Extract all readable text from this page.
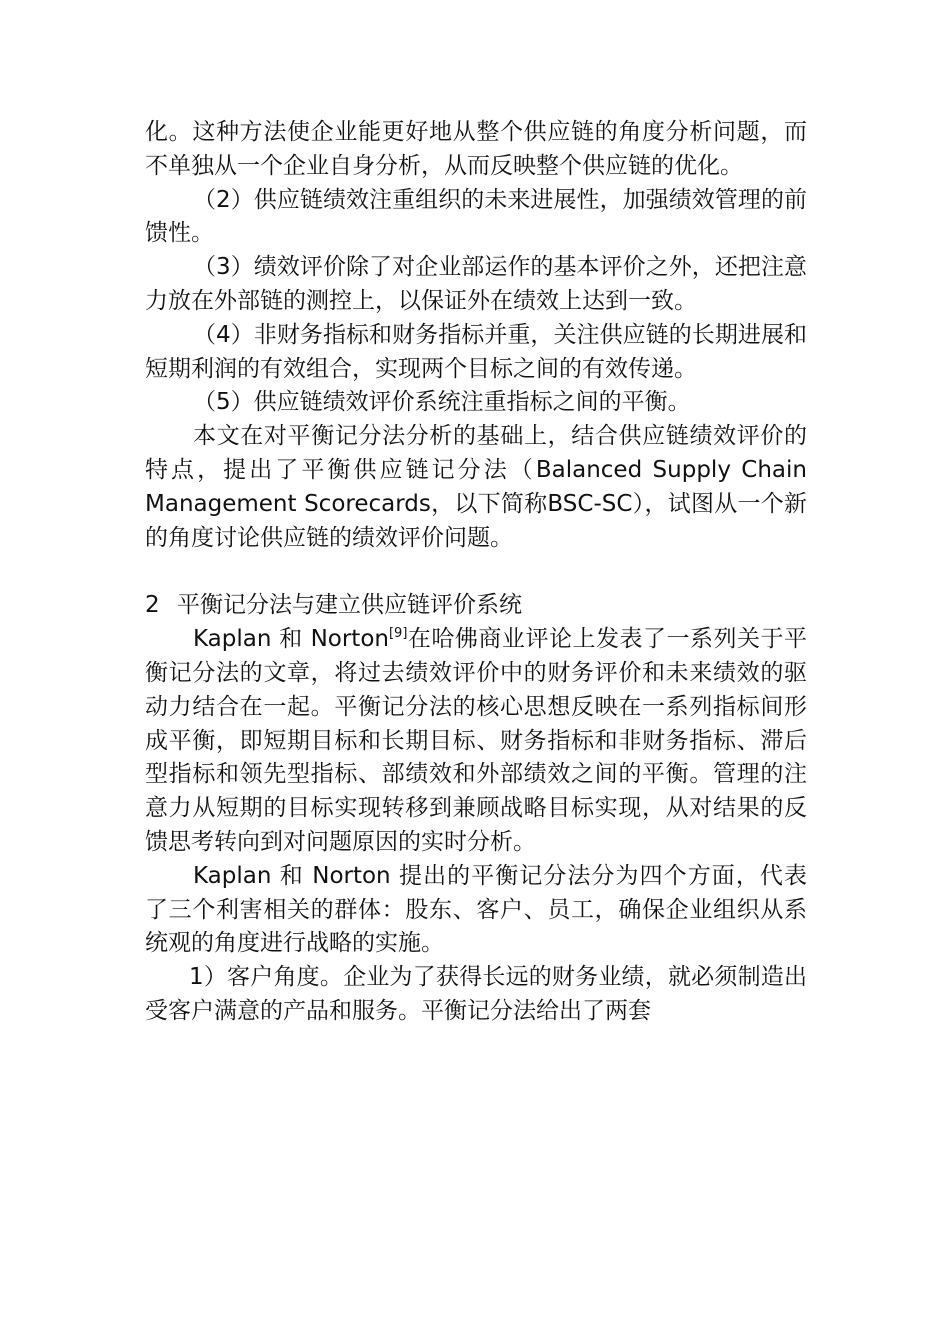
化。这种方法使企业能更好地从整个供应链的角度分析问题，而不单独从一个企业自身分析，从而反映整个供应链的优化。

（2）供应链绩效注重组织的未来进展性，加强绩效管理的前馈性。

（3）绩效评价除了对企业部运作的基本评价之外，还把注意力放在外部链的测控上，以保证外在绩效上达到一致。

（4）非财务指标和财务指标并重，关注供应链的长期进展和短期利润的有效组合，实现两个目标之间的有效传递。

（5）供应链绩效评价系统注重指标之间的平衡。

本文在对平衡记分法分析的基础上，结合供应链绩效评价的特点，提出了平衡供应链记分法（Balanced Supply Chain Management Scorecards，以下简称BSC-SC），试图从一个新的角度讨论供应链的绩效评价问题。

2 平衡记分法与建立供应链评价系统

Kaplan 和 Norton[9]在哈佛商业评论上发表了一系列关于平衡记分法的文章，将过去绩效评价中的财务评价和未来绩效的驱动力结合在一起。平衡记分法的核心思想反映在一系列指标间形成平衡，即短期目标和长期目标、财务指标和非财务指标、滞后型指标和领先型指标、部绩效和外部绩效之间的平衡。管理的注意力从短期的目标实现转移到兼顾战略目标实现，从对结果的反馈思考转向到对问题原因的实时分析。

Kaplan 和 Norton 提出的平衡记分法分为四个方面，代表了三个利害相关的群体：股东、客户、员工，确保企业组织从系统观的角度进行战略的实施。

1）客户角度。企业为了获得长远的财务业绩，就必须制造出受客户满意的产品和服务。平衡记分法给出了两套
